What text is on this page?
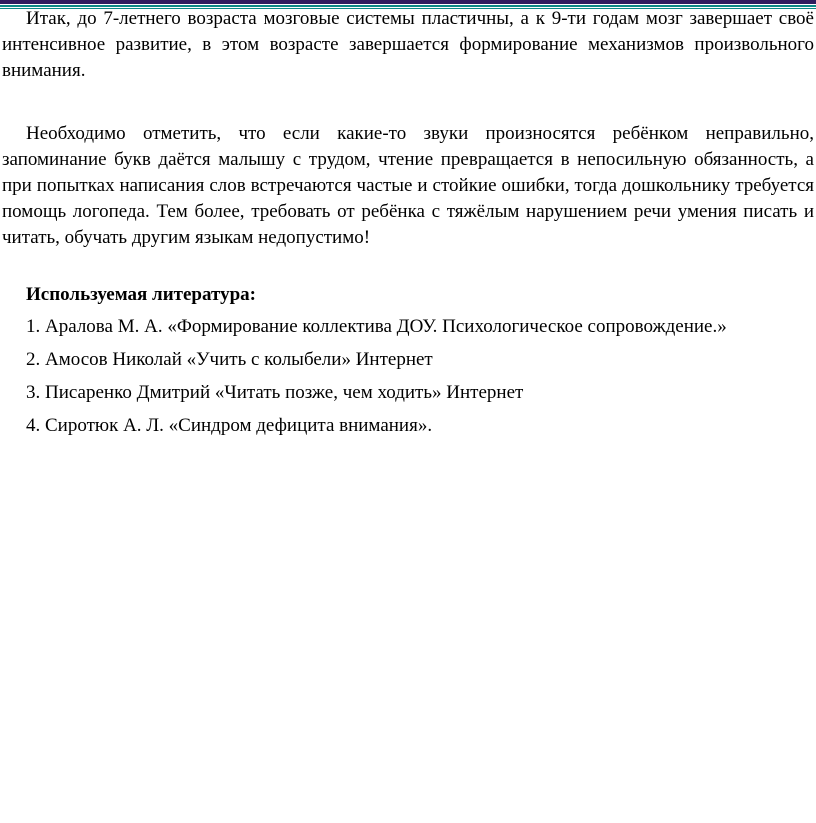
Итак, до 7-летнего возраста мозговые системы пластичны, а к 9-ти годам мозг завершает своё интенсивное развитие, в этом возрасте завершается формирование механизмов произвольного внимания.

Необходимо отметить, что если какие-то звуки произносятся ребёнком неправильно, запоминание букв даётся малышу с трудом, чтение превращается в непосильную обязанность, а при попытках написания слов встречаются частые и стойкие ошибки, тогда дошкольнику требуется помощь логопеда. Тем более, требовать от ребёнка с тяжёлым нарушением речи умения писать и читать, обучать другим языкам недопустимо!

Используемая литература:

1. Аралова М. А. «Формирование коллектива ДОУ. Психологическое сопровождение.»
2. Амосов Николай «Учить с колыбели» Интернет
3. Писаренко Дмитрий «Читать позже, чем ходить» Интернет
4. Сиротюк А. Л. «Синдром дефицита внимания».
